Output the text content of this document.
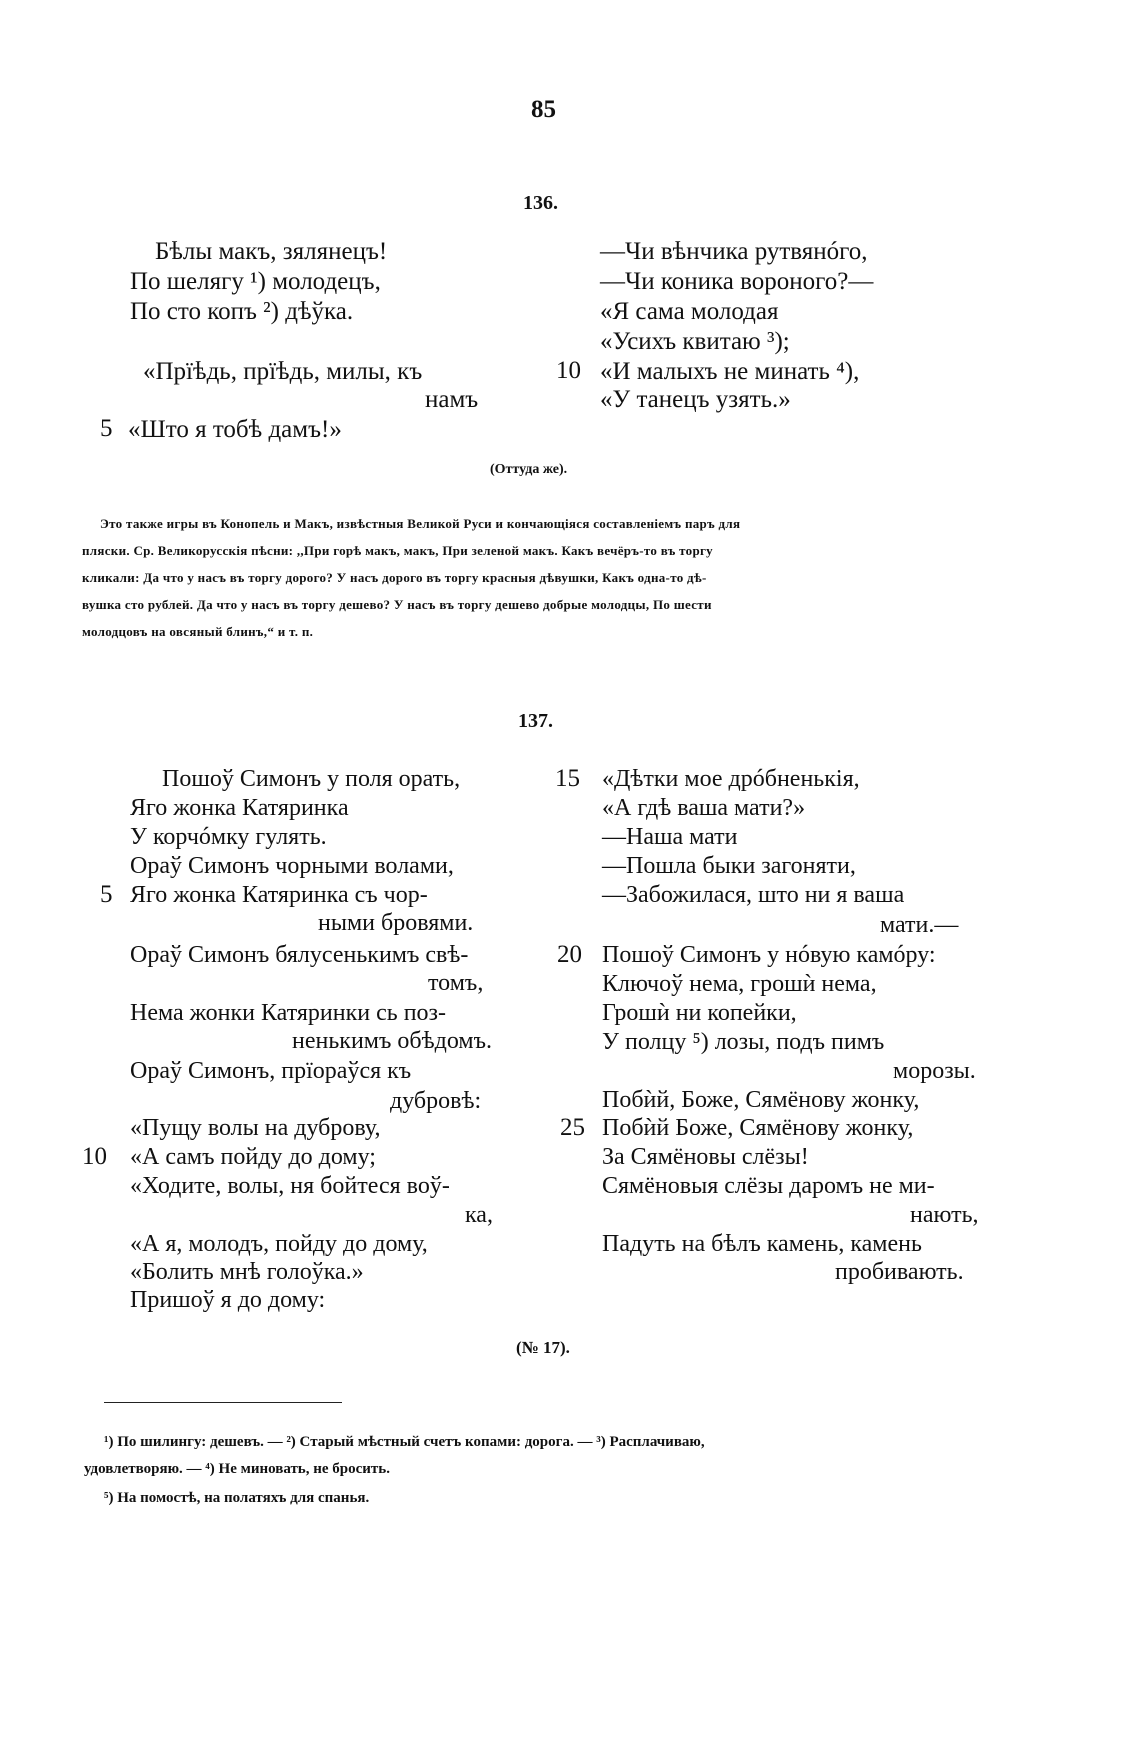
85
136.
Бѣлы макъ, зялянецъ!
По шелягу ¹) молодецъ,
По сто копъ ²) дѣўка.
«Прїѣдь, прїѣдь, милы, къ
намъ
5 «Што я тобѣ дамъ!»
—Чи вѣнчика рутвянóго,
—Чи коника вороного?—
«Я сама молодая
«Усихъ квитаю ³);
10 «И малыхъ не минать ⁴),
«У танецъ узять.»
(Оттуда же).
Это также игры въ Конопель и Макъ, извѣстныя Великой Руси и кончающіяся составленіемъ паръ для
пляски. Ср. Великорусскія пѣсни: ,,При горѣ макъ, макъ, При зеленой макъ. Какъ вечёръ-то въ торгу
кликали: Да что у насъ въ торгу дорого? У насъ дорого въ торгу красныя дѣвушки, Какъ одна-то дѣ-
вушка сто рублей. Да что у насъ въ торгу дешево? У насъ въ торгу дешево добрые молодцы, По шести
молодцовъ на овсяный блинъ,“ и т. п.
137.
Пошоў Симонъ у поля орать,
Яго жонка Катяринка
У корчóмку гулять.
Ораў Симонъ чорными волами,
5 Яго жонка Катяринка съ чор-
ными бровями.
Ораў Симонъ бялусенькимъ свѣ-
томъ,
Нема жонки Катяринки сь поз-
ненькимъ обѣдомъ.
Ораў Симонъ, прїораўся къ
дубровѣ:
«Пущу волы на дуброву,
10 «А самъ пойду до дому;
«Ходите, волы, ня бойтеся воў-
ка,
«А я, молодъ, пойду до дому,
«Болить мнѣ голоўка.»
Пришоў я до дому:
15 «Дѣтки мое дрóбненькія,
«А гдѣ ваша мати?»
—Наша мати
—Пошла быки загоняти,
—Забожилася, што ни я ваша
мати.—
20 Пошоў Симонъ у нóвую камóру:
Ключоў нема, грошѝ нема,
Грошѝ ни копейки,
У полцу ⁵) лозы, подъ пимъ
морозы.
Побѝй, Боже, Сямёнову жонку,
25 Побѝй Боже, Сямёнову жонку,
За Сямёновы слёзы!
Сямёновыя слёзы даромъ не ми-
нають,
Падуть на бѣлъ камень, камень
пробивають.
(№ 17).
¹) По шилингу: дешевъ. — ²) Старый мѣстный счетъ копами: дорога. — ³) Расплачиваю,
удовлетворяю. — ⁴) Не миновать, не бросить.
⁵) На помостѣ, на полатяхъ для спанья.
